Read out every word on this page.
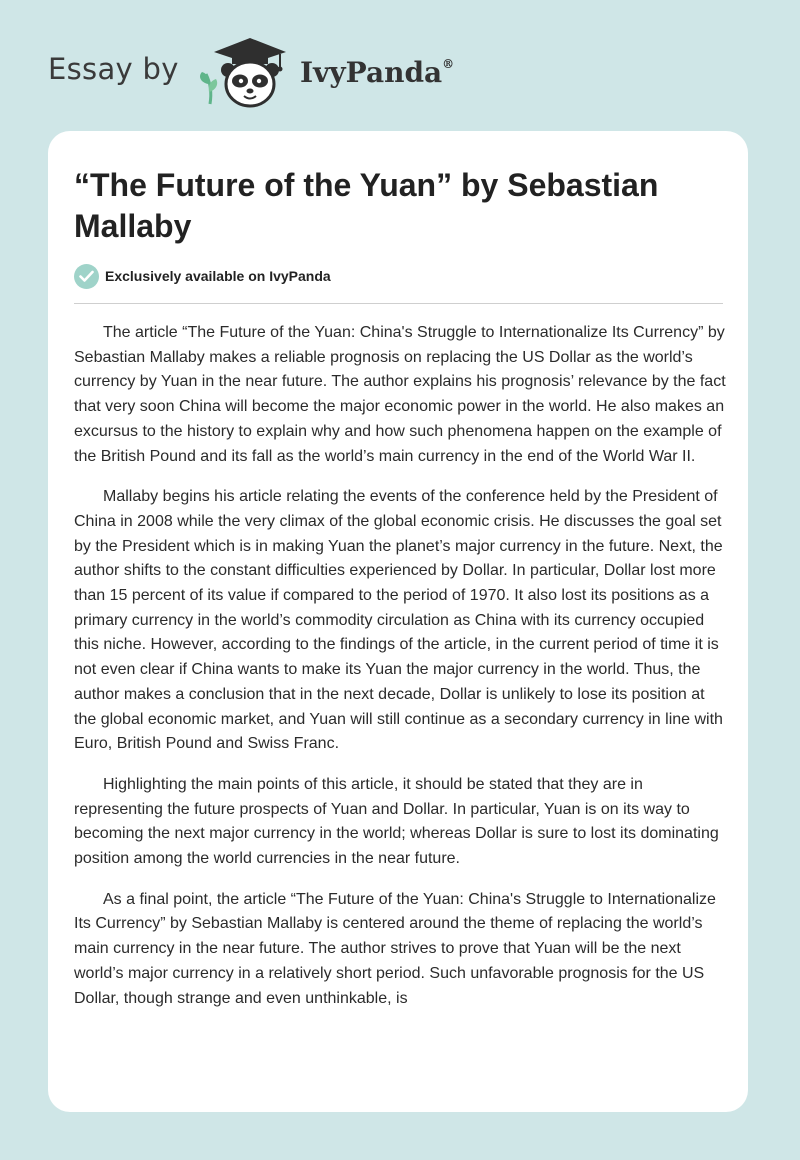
Essay by	IvyPanda®
“The Future of the Yuan” by Sebastian Mallaby
Exclusively available on IvyPanda

The article “The Future of the Yuan: China's Struggle to Internationalize Its Currency” by Sebastian Mallaby makes a reliable prognosis on replacing the US Dollar as the world’s currency by Yuan in the near future. The author explains his prognosis’ relevance by the fact that very soon China will become the major economic power in the world. He also makes an excursus to the history to explain why and how such phenomena happen on the example of the British Pound and its fall as the world’s main currency in the end of the World War II.

Mallaby begins his article relating the events of the conference held by the President of China in 2008 while the very climax of the global economic crisis. He discusses the goal set by the President which is in making Yuan the planet’s major currency in the future. Next, the author shifts to the constant difficulties experienced by Dollar. In particular, Dollar lost more than 15 percent of its value if compared to the period of 1970. It also lost its positions as a primary currency in the world’s commodity circulation as China with its currency occupied this niche. However, according to the findings of the article, in the current period of time it is not even clear if China wants to make its Yuan the major currency in the world. Thus, the author makes a conclusion that in the next decade, Dollar is unlikely to lose its position at the global economic market, and Yuan will still continue as a secondary currency in line with Euro, British Pound and Swiss Franc.

Highlighting the main points of this article, it should be stated that they are in representing the future prospects of Yuan and Dollar. In particular, Yuan is on its way to becoming the next major currency in the world; whereas Dollar is sure to lost its dominating position among the world currencies in the near future.

As a final point, the article “The Future of the Yuan: China's Struggle to Internationalize Its Currency” by Sebastian Mallaby is centered around the theme of replacing the world’s main currency in the near future. The author strives to prove that Yuan will be the next world’s major currency in a relatively short period. Such unfavorable prognosis for the US Dollar, though strange and even unthinkable, is
